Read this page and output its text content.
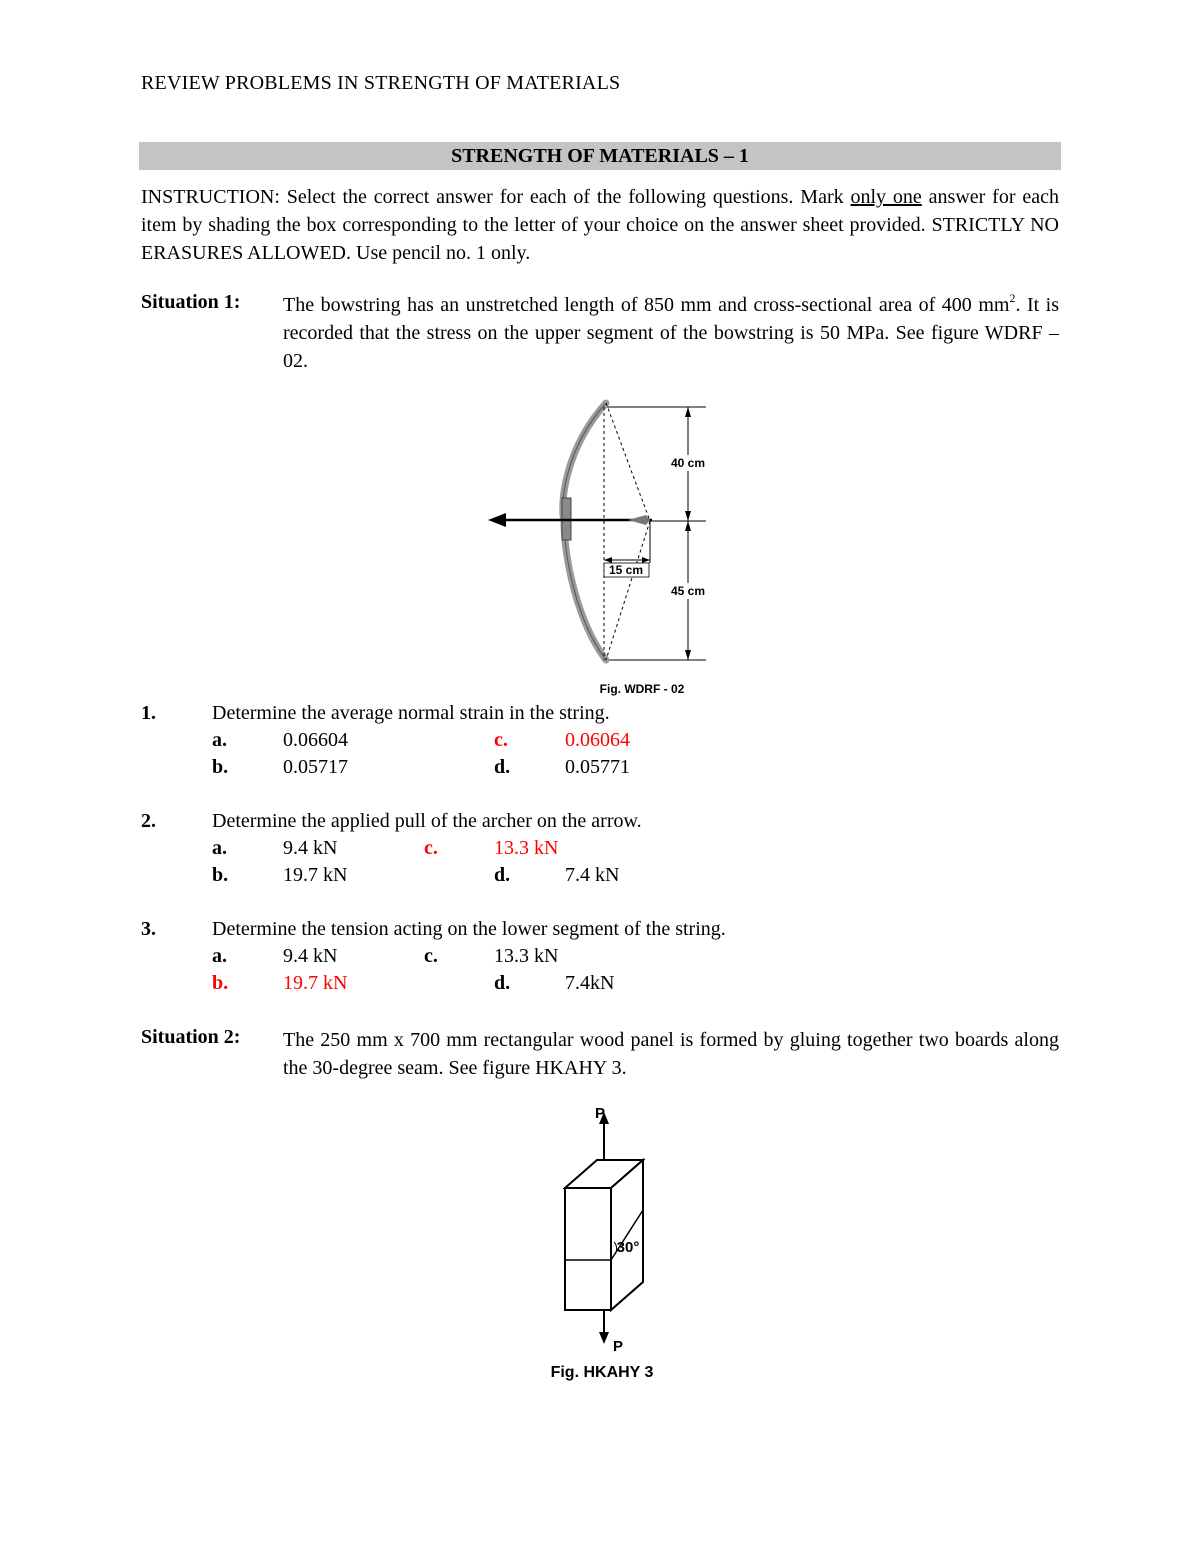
REVIEW PROBLEMS IN STRENGTH OF MATERIALS
STRENGTH OF MATERIALS – 1
INSTRUCTION: Select the correct answer for each of the following questions. Mark only one answer for each item by shading the box corresponding to the letter of your choice on the answer sheet provided. STRICTLY NO ERASURES ALLOWED. Use pencil no. 1 only.
Situation 1: The bowstring has an unstretched length of 850 mm and cross-sectional area of 400 $mm^2$. It is recorded that the stress on the upper segment of the bowstring is 50 MPa. See figure WDRF – 02.
15 cm
40 cm
45 cm
Fig. WDRF - 02
1.	Determine the average normal strain in the string.
a.	0.06604	c.	0.06064
b.	0.05717	d.	0.05771
2.	Determine the applied pull of the archer on the arrow.
a.	9.4 kN	c.	13.3 kN
b.	19.7 kN	d.	7.4 kN
3.	Determine the tension acting on the lower segment of the string.
a.	9.4 kN	c.	13.3 kN
b.	19.7 kN	d.	7.4kN
Situation 2: The 250 mm x 700 mm rectangular wood panel is formed by gluing together two boards along the 30-degree seam. See figure HKAHY 3.
P
30°
P
Fig. HKAHY 3
